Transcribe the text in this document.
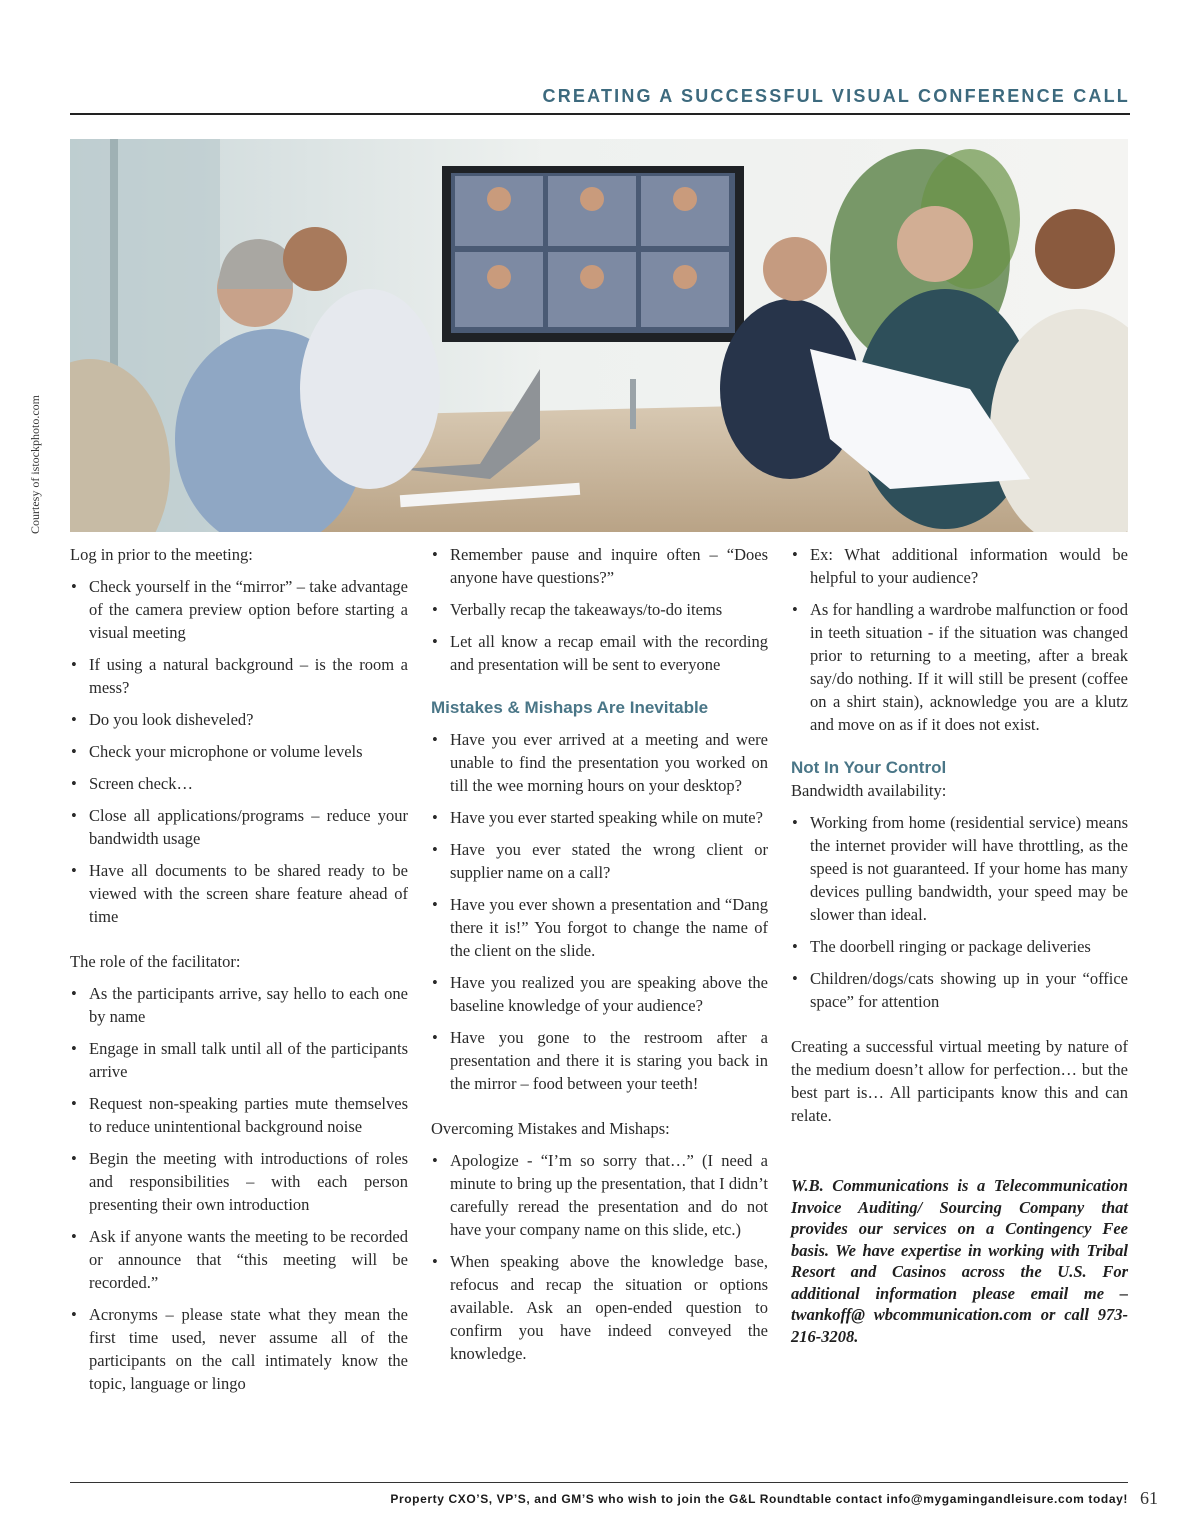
CREATING A SUCCESSFUL VISUAL CONFERENCE CALL
Courtesy of istockphoto.com

Log in prior to the meeting:

• Check yourself in the “mirror” – take advantage of the camera preview option before starting a visual meeting
• If using a natural background – is the room a mess?
• Do you look disheveled?
• Check your microphone or volume levels
• Screen check…
• Close all applications/programs – reduce your bandwidth usage
• Have all documents to be shared ready to be viewed with the screen share feature ahead of time

The role of the facilitator:

• As the participants arrive, say hello to each one by name
• Engage in small talk until all of the participants arrive
• Request non-speaking parties mute themselves to reduce unintentional background noise
• Begin the meeting with introductions of roles and responsibilities – with each person presenting their own introduction
• Ask if anyone wants the meeting to be recorded or announce that “this meeting will be recorded.”
• Acronyms – please state what they mean the first time used, never assume all of the participants on the call intimately know the topic, language or lingo
• Remember pause and inquire often – “Does anyone have questions?”
• Verbally recap the takeaways/to-do items
• Let all know a recap email with the recording and presentation will be sent to everyone

Mistakes & Mishaps Are Inevitable

• Have you ever arrived at a meeting and were unable to find the presentation you worked on till the wee morning hours on your desktop?
• Have you ever started speaking while on mute?
• Have you ever stated the wrong client or supplier name on a call?
• Have you ever shown a presentation and “Dang there it is!” You forgot to change the name of the client on the slide.
• Have you realized you are speaking above the baseline knowledge of your audience?
• Have you gone to the restroom after a presentation and there it is staring you back in the mirror – food between your teeth!

Overcoming Mistakes and Mishaps:

• Apologize - “I’m so sorry that…” (I need a minute to bring up the presentation, that I didn’t carefully reread the presentation and do not have your company name on this slide, etc.)
• When speaking above the knowledge base, refocus and recap the situation or options available. Ask an open-ended question to confirm you have indeed conveyed the knowledge.
• Ex: What additional information would be helpful to your audience?
• As for handling a wardrobe malfunction or food in teeth situation - if the situation was changed prior to returning to a meeting, after a break say/do nothing. If it will still be present (coffee on a shirt stain), acknowledge you are a klutz and move on as if it does not exist.

Not In Your Control

Bandwidth availability:

• Working from home (residential service) means the internet provider will have throttling, as the speed is not guaranteed. If your home has many devices pulling bandwidth, your speed may be slower than ideal.
• The doorbell ringing or package deliveries
• Children/dogs/cats showing up in your “office space” for attention

Creating a successful virtual meeting by nature of the medium doesn’t allow for perfection… but the best part is… All participants know this and can relate.

W.B. Communications is a Telecommunication Invoice Auditing/ Sourcing Company that provides our services on a Contingency Fee basis. We have expertise in working with Tribal Resort and Casinos across the U.S. For additional information please email me – twankoff@ wbcommunication.com or call 973-216-3208.

Property CXO’S, VP’S, and GM’S who wish to join the G&L Roundtable contact info@mygamingandleisure.com today! 61
